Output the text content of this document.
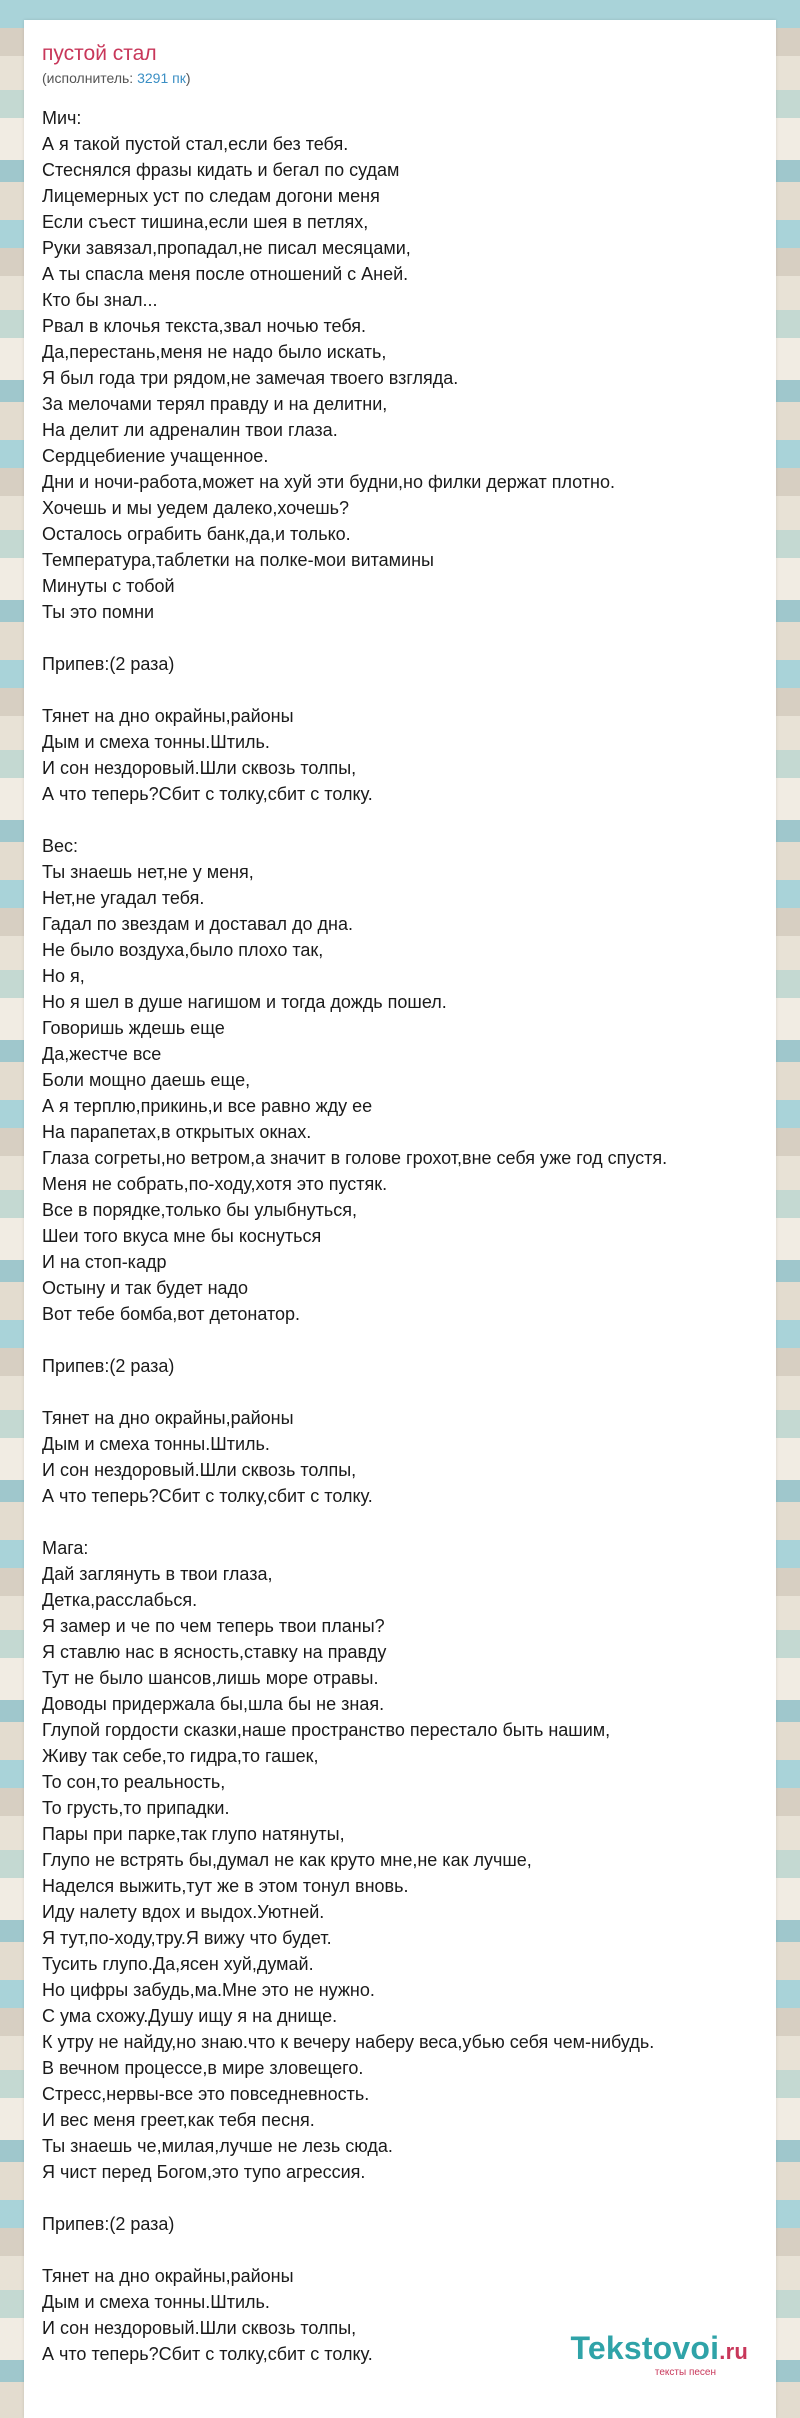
пустой стал
(исполнитель: 3291 пк)
Мич:
А я такой пустой стал,если без тебя.
Стеснялся фразы кидать и бегал по судам
Лицемерных уст по следам догони меня
Если съест тишина,если шея в петлях,
Руки завязал,пропадал,не писал месяцами,
А ты спасла меня после отношений с Аней.
Кто бы знал...
Рвал в клочья текста,звал ночью тебя.
Да,перестань,меня не надо было искать,
Я был года три рядом,не замечая твоего взгляда.
За мелочами терял правду и на делитни,
На делит ли адреналин твои глаза.
Сердцебиение учащенное.
Дни и ночи-работа,может на хуй эти будни,но филки держат плотно.
Хочешь и мы уедем далеко,хочешь?
Осталось ограбить банк,да,и только.
Температура,таблетки на полке-мои витамины
Минуты с тобой
Ты это помни
Припев:(2 раза)
Тянет на дно окрайны,районы
Дым и смеха тонны.Штиль.
И сон нездоровый.Шли сквозь толпы,
А что теперь?Сбит с толку,сбит с толку.
Вес:
Ты знаешь нет,не у меня,
Нет,не угадал тебя.
Гадал по звездам и доставал до дна.
Не было воздуха,было плохо так,
Но я,
Но я шел в душе нагишом и тогда дождь пошел.
Говоришь ждешь еще
Да,жестче все
Боли мощно даешь еще,
А я терплю,прикинь,и все равно жду ее
На парапетах,в открытых окнах.
Глаза согреты,но ветром,а значит в голове грохот,вне себя уже год спустя.
Меня не собрать,по-ходу,хотя это пустяк.
Все в порядке,только бы улыбнуться,
Шеи того вкуса мне бы коснуться
И на стоп-кадр
Остыну и так будет надо
Вот тебе бомба,вот детонатор.
Припев:(2 раза)
Тянет на дно окрайны,районы
Дым и смеха тонны.Штиль.
И сон нездоровый.Шли сквозь толпы,
А что теперь?Сбит с толку,сбит с толку.
Мага:
Дай заглянуть в твои глаза,
Детка,расслабься.
Я замер и че по чем теперь твои планы?
Я ставлю нас в ясность,ставку на правду
Тут не было шансов,лишь море отравы.
Доводы придержала бы,шла бы не зная.
Глупой гордости сказки,наше пространство перестало быть нашим,
Живу так себе,то гидра,то гашек,
То сон,то реальность,
То грусть,то припадки.
Пары при парке,так глупо натянуты,
Глупо не встрять бы,думал не как круто мне,не как лучше,
Наделся выжить,тут же в этом тонул вновь.
Иду налету вдох и выдох.Уютней.
Я тут,по-ходу,тру.Я вижу что будет.
Тусить глупо.Да,ясен хуй,думай.
Но цифры забудь,ма.Мне это не нужно.
С ума схожу.Душу ищу я на днище.
К утру не найду,но знаю.что к вечеру наберу веса,убью себя чем-нибудь.
В вечном процессе,в мире зловещего.
Стресс,нервы-все это повседневность.
И вес меня греет,как тебя песня.
Ты знаешь че,милая,лучше не лезь сюда.
Я чист перед Богом,это тупо агрессия.
Припев:(2 раза)
Тянет на дно окрайны,районы
Дым и смеха тонны.Штиль.
И сон нездоровый.Шли сквозь толпы,
А что теперь?Сбит с толку,сбит с толку.	Tekstovoi.ru
тексты песен
